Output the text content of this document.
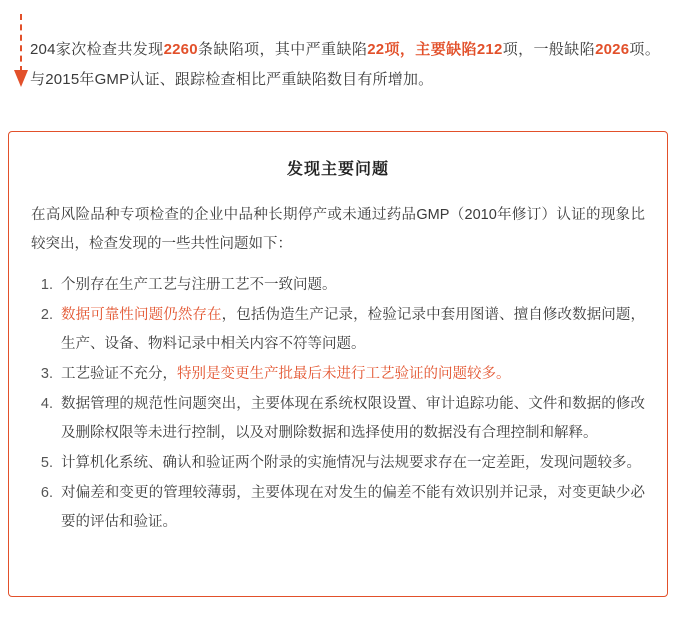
204家次检查共发现2260条缺陷项，其中严重缺陷22项，主要缺陷212项，一般缺陷2026项。与2015年GMP认证、跟踪检查相比严重缺陷数目有所增加。

发现主要问题

在高风险品种专项检查的企业中品种长期停产或未通过药品GMP（2010年修订）认证的现象比较突出，检查发现的一些共性问题如下：

1. 个别存在生产工艺与注册工艺不一致问题。
2. 数据可靠性问题仍然存在，包括伪造生产记录，检验记录中套用图谱、擅自修改数据问题，生产、设备、物料记录中相关内容不符等问题。
3. 工艺验证不充分，特别是变更生产批最后未进行工艺验证的问题较多。
4. 数据管理的规范性问题突出，主要体现在系统权限设置、审计追踪功能、文件和数据的修改及删除权限等未进行控制，以及对删除数据和选择使用的数据没有合理控制和解释。
5. 计算机化系统、确认和验证两个附录的实施情况与法规要求存在一定差距，发现问题较多。
6. 对偏差和变更的管理较薄弱，主要体现在对发生的偏差不能有效识别并记录，对变更缺少必要的评估和验证。
